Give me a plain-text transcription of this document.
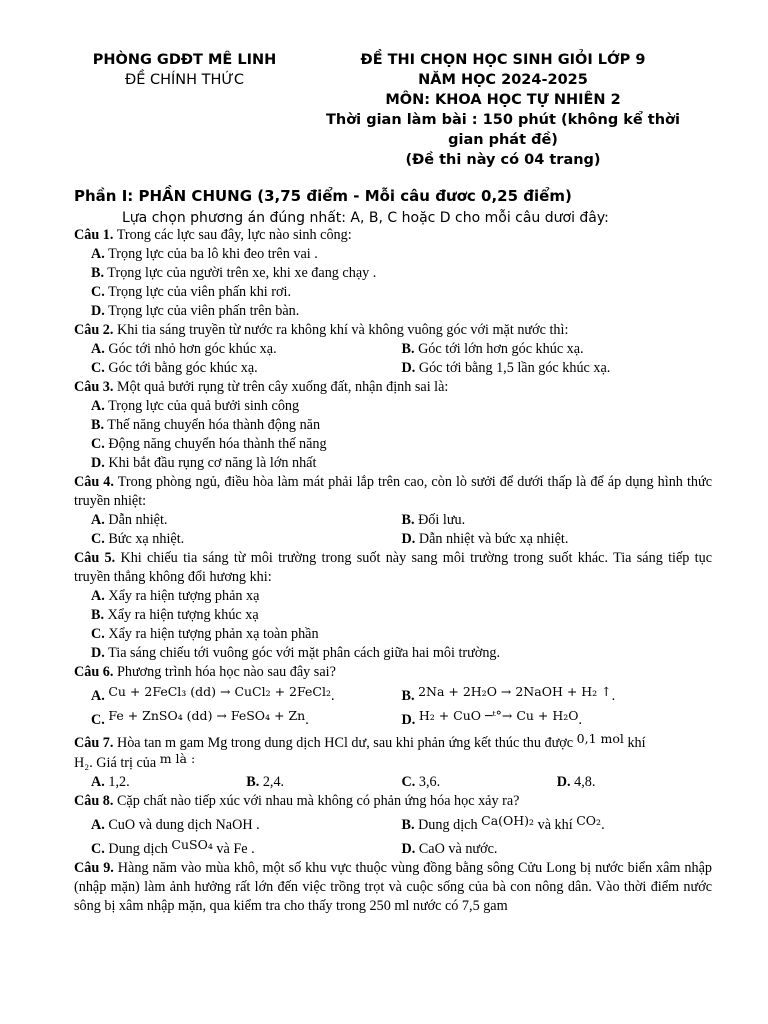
PHÒNG GDĐT MÊ LINH
ĐỀ CHÍNH THỨC
ĐỀ THI CHỌN HỌC SINH GIỎI LỚP 9
NĂM HỌC 2024-2025
MÔN: KHOA HỌC TỰ NHIÊN 2
Thời gian làm bài : 150 phút (không kể thời
gian phát đề)
(Đề thi này có 04 trang)
Phần I: PHẦN CHUNG (3,75 điểm - Mỗi câu đươc 0,25 điểm)
Lựa chọn phương án đúng nhất: A, B, C hoặc D cho mỗi câu dươi đây:

Câu 1. Trong các lực sau đây, lực nào sinh công:

A. Trọng lực của ba lô khi đeo trên vai .

B. Trọng lực của người trên xe, khi xe đang chạy .

C. Trọng lực của viên phấn khi rơi.

D. Trọng lực của viên phấn trên bàn.

Câu 2. Khi tia sáng truyền từ nước ra không khí và không vuông góc với mặt nước thì:

A. Góc tới nhỏ hơn góc khúc xạ.	B. Góc tới lớn hơn góc khúc xạ.
C. Góc tới bằng góc khúc xạ.	D. Góc tới bằng 1,5 lần góc khúc xạ.

Câu 3. Một quả bưởi rụng từ trên cây xuống đất, nhận định sai là:

A. Trọng lực của quả bưởi sinh công

B. Thế năng chuyển hóa thành động năn

C. Động năng chuyển hóa thành thế năng

D. Khi bắt đầu rụng cơ năng là lớn nhất

Câu 4. Trong phòng ngủ, điều hòa làm mát phải lắp trên cao, còn lò sưởi để dưới thấp là để áp dụng hình thức truyền nhiệt:

A. Dẫn nhiệt.	B. Đối lưu.
C. Bức xạ nhiệt.	D. Dẫn nhiệt và bức xạ nhiệt.

Câu 5. Khi chiếu tia sáng từ môi trường trong suốt này sang môi trường trong suốt khác. Tia sáng tiếp tục truyền thẳng không đổi hương khi:

A. Xẩy ra hiện tượng phản xạ

B. Xẩy ra hiện tượng khúc xạ

C. Xẩy ra hiện tượng phản xạ toàn phần

D. Tia sáng chiếu tới vuông góc với mặt phân cách giữa hai môi trường.

Câu 6. Phương trình hóa học nào sau đây sai?

A. Cu + 2FeCl₃ (dd) → CuCl₂ + 2FeCl₂.	B. 2Na + 2H₂O → 2NaOH + H₂ ↑.
C. Fe + ZnSO₄ (dd) → FeSO₄ + Zn.	D. H₂ + CuO ─ᵗ°→ Cu + H₂O.

Câu 7. Hòa tan m gam Mg trong dung dịch HCl dư, sau khi phản ứng kết thúc thu được 0,1 mol khí

H₂. Giá trị của m là :

A. 1,2.	B. 2,4.	C. 3,6.	D. 4,8.

Câu 8. Cặp chất nào tiếp xúc với nhau mà không có phản ứng hóa học xảy ra?

A. CuO và dung dịch NaOH .	B. Dung dịch Ca(OH)₂ và khí CO₂.
C. Dung dịch CuSO₄ và Fe .	D. CaO và nước.

Câu 9. Hàng năm vào mùa khô, một số khu vực thuộc vùng đồng bằng sông Cửu Long bị nước biển xâm nhập (nhập mặn) làm ảnh hưởng rất lớn đến việc trồng trọt và cuộc sống của bà con nông dân. Vào thời điểm nước sông bị xâm nhập mặn, qua kiểm tra cho thấy trong 250 ml nước có 7,5 gam
